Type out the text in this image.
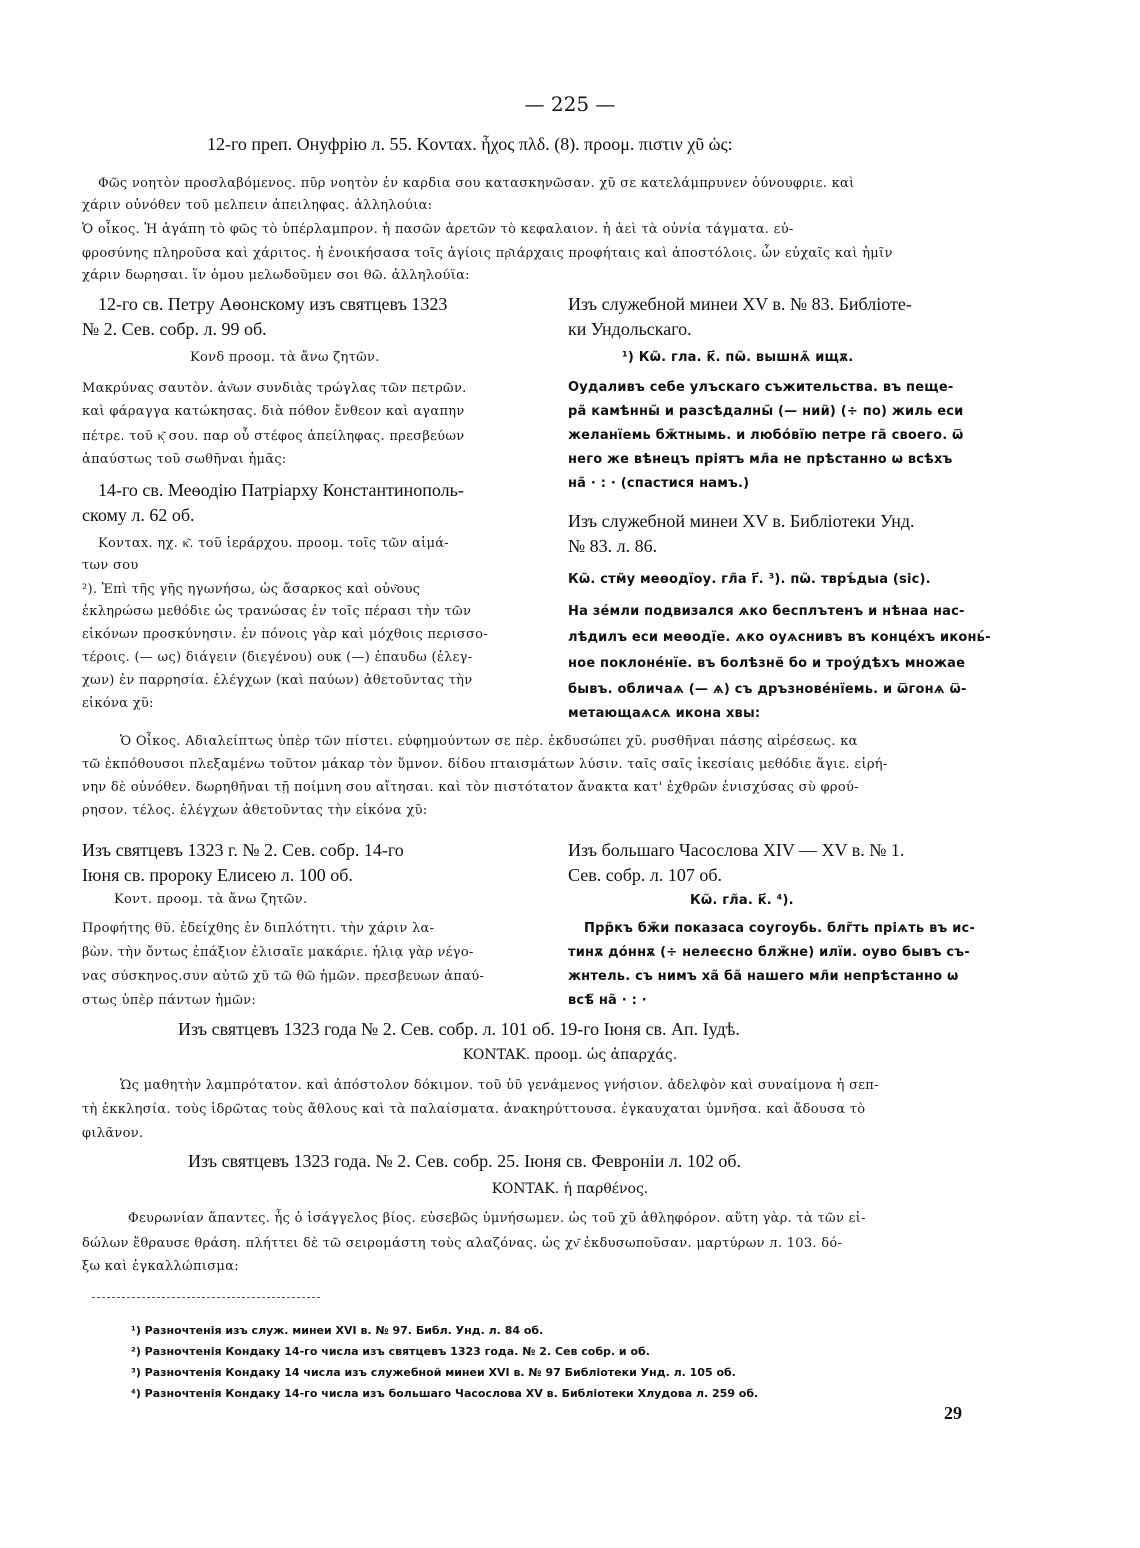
— 225 —
12-го преп. Онуфрію л. 55. Κονταx. ἦχος πλδ. (8). προομ. πιστιν χῦ ὡς:
Φῶς νοητὸν προσλαβόμενος. πῦρ νοητὸν ἐν καρδια σου κατασκηνῶσαν. χῦ σε κατελάμπρυνεν ὀύνουφριε. καὶ
χάριν οὐνόθεν τοῦ μελπειν ἀπειληφας. ἀλληλούια:
Ὁ οἶκος. Ἡ ἀγάπη τὸ φῶς τὸ ὑπέρλαμπρον. ἡ πασῶν ἀρετῶν τὸ κεφαλαιον. ἡ ἀεὶ τὰ οὐνία τάγματα. εὐ-
φροσύνης πληροῦσα καὶ χάριτος. ἡ ἐνοικήσασα τοῖς ἁγίοις πρ͂ιάρχαις προφήταις καὶ ἀποστόλοις. ὧν εὐχαῖς καὶ ἡμῖν
χάριν δωρησαι. ἵν ὁμου μελωδοῦμεν σοι θῶ. ἀλληλούϊα:
12-го св. Петру Аѳонскому изъ святцевъ 1323
№ 2. Сев. собр. л. 99 об.
Κονδ προομ. τὰ ἄνω ζητῶν.
Μακρύνας σαυτὸν. ἀν͂ων συνδιὰς τρώγλας τῶν πετρῶν.
καὶ φάραγγα κατώκησας. διὰ πόθον ἔνθεον καὶ αγαπην
πέτρε. τοῦ κ͂ͅ σου. παρ οὗ στέφος ἀπείληφας. πρεσβεύων
ἀπαύστως τοῦ σωθῆναι ἡμᾶς:
Изъ служебной минеи XV в. № 83. Библіоте-
ки Ундольскаго.
¹) Кѡ͂. гла. к҃. пѡ͂. вышнѧ͂ ищѫ.
Оудаливъ себе улъскаго съжительства. въ пеще-
ра͂ камѣнны͂ и разсѣдалны͂ (— нии͂) (÷ по) жиль еси
желанїемь бж͂тнымь. и любо́вїю петре га͂ своего. ѿ
него же вѣнецъ пріятъ мл͂а не прѣстанно ѡ всѣхъ
на͂ · : · (спастися намъ.)
14-го св. Меѳодію Патріарху Константинополь-
скому л. 62 об.
Κονταx. ηχ. κ͂. τοῦ ἱεράρχου. προομ. τοῖς τῶν αἱμά-
των σου
²). Ἐπὶ τῆς γῆς ηγωνήσω, ὡς ἄσαρκος καὶ οὐν͂ους
ἐκληρώσω μεθόδιε ὡς τρανώσας ἐν τοῖς πέρασι τὴν τῶν
εἰκόνων προσκύνησιν. ἐν πόνοις γὰρ καὶ μόχθοις περισσο-
τέροις. (— ως) διάγειν (διεγένου) ουκ (—) ἐπαυδω (ἐλεγ-
χων) ἐν παρρησία. ἐλέγχων (καὶ παύων) ἀθετοῦντας τὴν
εἰκόνα χῦ:
Изъ служебной минеи XV в. Библіотеки Унд.
№ 83. л. 86.
Кѡ͂. стм͂у меѳодїоу. гл͂а г҃. ³). пѡ͂. твръ́дыа (sic).
На зе́мли подвизался ѧко бесплътенъ и нѣнаа нас-
лѣдилъ еси меѳодїе. ѧко оуѧснивъ въ конце́хъ иконь́-
ное поклоне́нїе. въ болѣзне͂ бо и троу́дѣхъ множае
бывъ. обличаѧ (— ѧ) съ дръзнове́нїемь. и ѿгонѧ ѿ-
метающаѧсѧ икона хвы:
Ὁ Οἶκος. Αδιαλείπτως ὑπὲρ τῶν πίστει. εὐφημούντων σε πὲρ. ἐκδυσώπει χῦ. ρυσθῆναι πάσης αἱρέσεως. κα
τῶ ἐκπόθουσοι πλεξαμένω τοῦτον μάκαρ τὸν ὕμνον. δίδου πταισμάτων λύσιν. ταῖς σαῖς ἱκεσίαις μεθόδιε ἅγιε. εἰρή-
νην δὲ οὐνόθεν. δωρηθῆναι τῇ ποίμνη σου αἴτησαι. καὶ τὸν πιστότατον ἄνακτα κατ' ἐχθρῶν ἐνισχύσας σὺ φρού-
ρησον. τέλος. ἐλέγχων ἀθετοῦντας τὴν εἰκόνα χῦ:
Изъ святцевъ 1323 г. № 2. Сев. собр. 14-го
Іюня св. пророку Елисею л. 100 об.
Κοντ. προομ. τὰ ἄνω ζητῶν.
Προφήτης θῦ. ἐδείχθης ἐν διπλότητι. τὴν χάριν λα-
βὼν. τὴν ὄντως ἐπάξιον ἐλισαῖε μακάριε. ἡλιᾳ γὰρ νέγο-
νας σύσκηνος.συν αὐτῶ χῦ τῶ θῶ ἡμῶν. πρεσβευων ἀπαύ-
στως ὑπὲρ πάντων ἡμῶν:
Изъ большаго Часослова XIV — XV в. № 1.
Сев. собр. л. 107 об.
Кѡ͂. гл͂а. к҃. ⁴).
Прр͂къ бж͂и показаса соугоубь. блг͂ть пріѧть въ ис-
тинѫ до́ннѫ (÷ нелеєсно блж͂не) илїи. оуво бывъ съ-
жнтель. съ нимъ ха͂ ба͂ нашего мл͂и непрѣстанно ѡ
всѣ͂ на͂ · : ·
Изъ святцевъ 1323 года № 2. Сев. собр. л. 101 об. 19-го Іюня св. Ап. Іудѣ.
KONTAK. προομ. ὡς ἀπαρχάς.
Ὡς μαθητὴν λαμπρότατον. καὶ ἀπόστολον δόκιμον. τοῦ ὑῦ γενάμενος γνήσιον. ἀδελφὸν καὶ συναίμονα ἡ σεπ-
τὴ ἐκκλησία. τοὺς ἱδρῶτας τοὺς ἄθλους καὶ τὰ παλαίσματα. ἀνακηρύττουσα. ἐγκαυχαται ὑμνῆσα. καὶ ἄδουσα τὸ
φιλᾶνον.
Изъ святцевъ 1323 года. № 2. Сев. собр. 25. Іюня св. Февроніи л. 102 об.
KONTAK. ἡ παρθένος.
Φευρωνίαν ἅπαντες. ἧς ὁ ἰσάγγελος βίος. εὐσεβῶς ὑμνήσωμεν. ὡς τοῦ χῦ ἀθληφόρον. αὕτη γὰρ. τὰ τῶν εἰ-
δώλων ἔθραυσε θράση. πλήττει δὲ τῶ σειρομάστη τοὺς αλαζόνας. ὡς χν͂ ἐκδυσωποῦσαν. μαρτύρων л. 103. δό-
ξω καὶ ἐγκαλλώπισμα:
¹) Разночтенія изъ служ. минеи XVI в. № 97. Библ. Унд. л. 84 об.
²) Разночтенія Кондаку 14-го числа изъ святцевъ 1323 года. № 2. Сев собр. и об.
³) Разночтенія Кондаку 14 числа изъ служебной минеи XVI в. № 97 Библіотеки Унд. л. 105 об.
⁴) Разночтенія Кондаку 14-го числа изъ большаго Часослова XV в. Библіотеки Хлудова л. 259 об.
29
